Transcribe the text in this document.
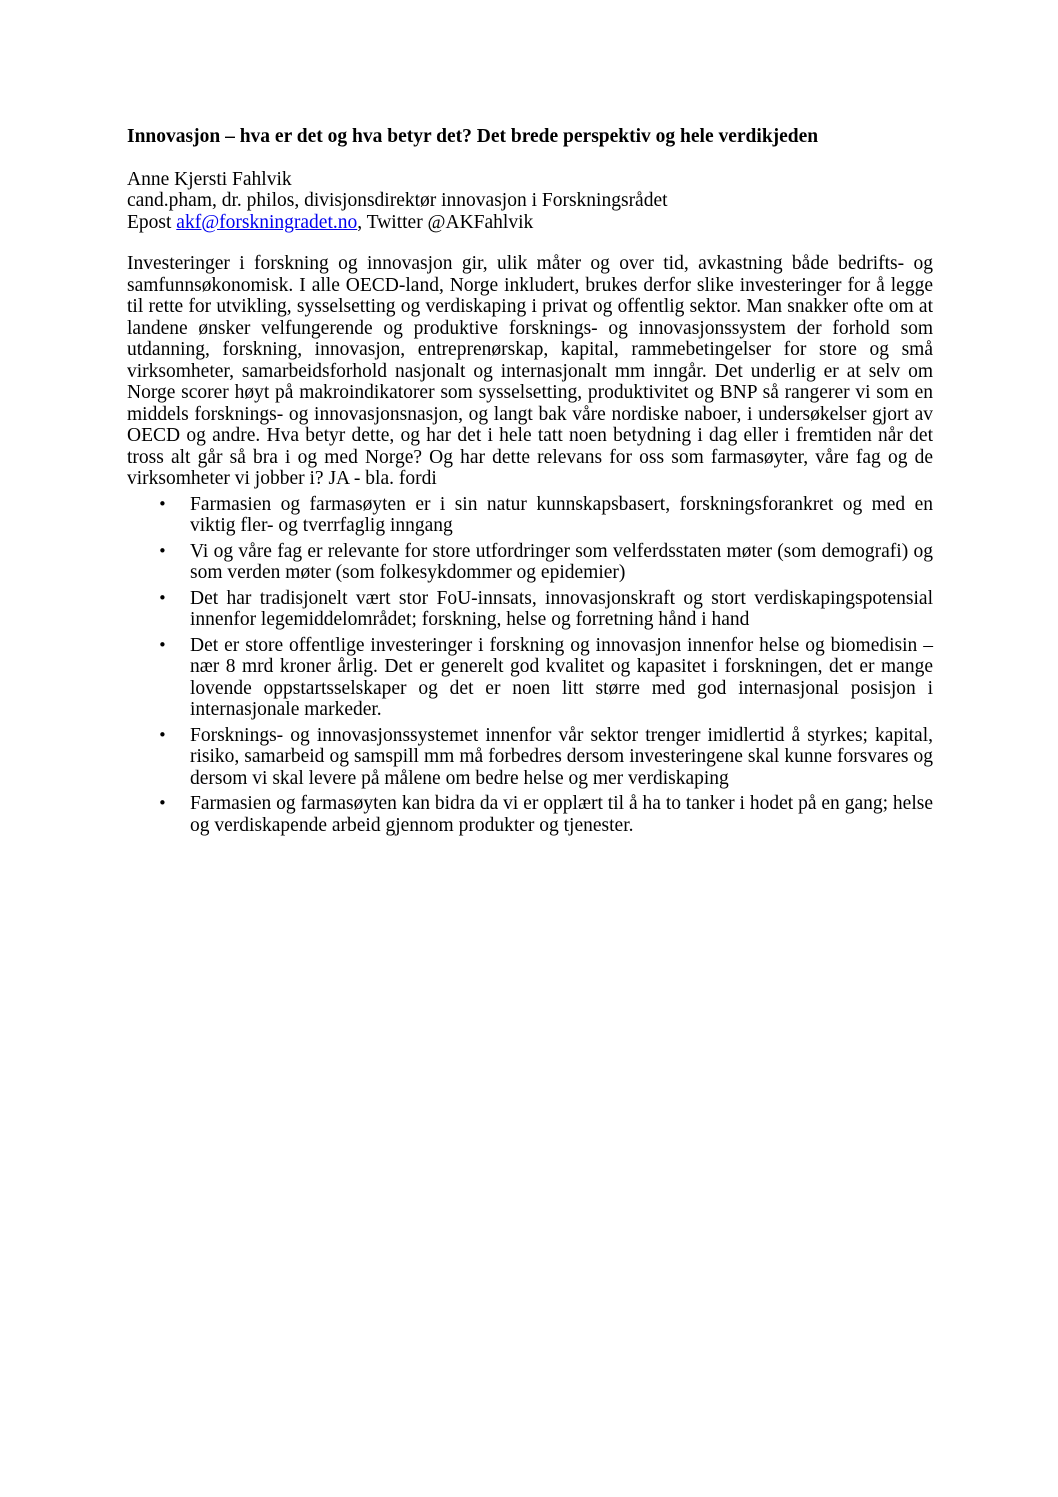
Innovasjon – hva er det og hva betyr det? Det brede perspektiv og hele verdikjeden

Anne Kjersti Fahlvik
cand.pham, dr. philos, divisjonsdirektør innovasjon i Forskningsrådet
Epost akf@forskningradet.no, Twitter @AKFahlvik

Investeringer i forskning og innovasjon gir, ulik måter og over tid, avkastning både bedrifts- og samfunnsøkonomisk. I alle OECD-land, Norge inkludert, brukes derfor slike investeringer for å legge til rette for utvikling, sysselsetting og verdiskaping i privat og offentlig sektor. Man snakker ofte om at landene ønsker velfungerende og produktive forsknings- og innovasjonssystem der forhold som utdanning, forskning, innovasjon, entreprenørskap, kapital, rammebetingelser for store og små virksomheter, samarbeidsforhold nasjonalt og internasjonalt mm inngår. Det underlig er at selv om Norge scorer høyt på makroindikatorer som sysselsetting, produktivitet og BNP så rangerer vi som en middels forsknings- og innovasjonsnasjon, og langt bak våre nordiske naboer, i undersøkelser gjort av OECD og andre. Hva betyr dette, og har det i hele tatt noen betydning i dag eller i fremtiden når det tross alt går så bra i og med Norge? Og har dette relevans for oss som farmasøyter, våre fag og de virksomheter vi jobber i? JA - bla. fordi

• Farmasien og farmasøyten er i sin natur kunnskapsbasert, forskningsforankret og med en viktig fler- og tverrfaglig inngang
• Vi og våre fag er relevante for store utfordringer som velferdsstaten møter (som demografi) og som verden møter (som folkesykdommer og epidemier)
• Det har tradisjonelt vært stor FoU-innsats, innovasjonskraft og stort verdiskapingspotensial innenfor legemiddelområdet; forskning, helse og forretning hånd i hand
• Det er store offentlige investeringer i forskning og innovasjon innenfor helse og biomedisin – nær 8 mrd kroner årlig. Det er generelt god kvalitet og kapasitet i forskningen, det er mange lovende oppstartsselskaper og det er noen litt større med god internasjonal posisjon i internasjonale markeder.
• Forsknings- og innovasjonssystemet innenfor vår sektor trenger imidlertid å styrkes; kapital, risiko, samarbeid og samspill mm må forbedres dersom investeringene skal kunne forsvares og dersom vi skal levere på målene om bedre helse og mer verdiskaping
• Farmasien og farmasøyten kan bidra da vi er opplært til å ha to tanker i hodet på en gang; helse og verdiskapende arbeid gjennom produkter og tjenester.
